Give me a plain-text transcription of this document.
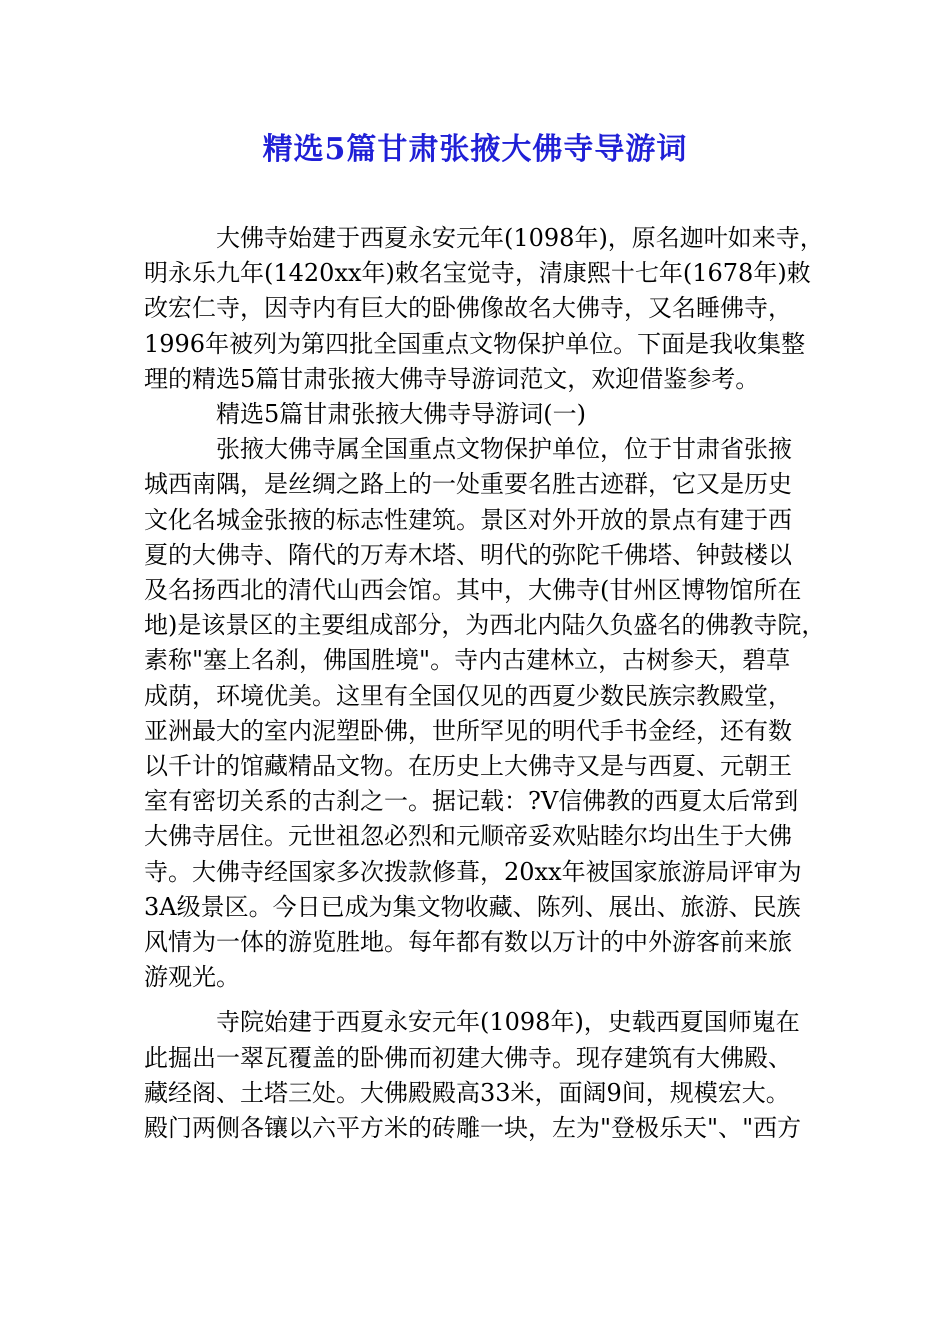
精选5篇甘肃张掖大佛寺导游词

大佛寺始建于西夏永安元年(1098年)，原名迦叶如来寺，
明永乐九年(1420xx年)敕名宝觉寺，清康熙十七年(1678年)敕
改宏仁寺，因寺内有巨大的卧佛像故名大佛寺，又名睡佛寺，
1996年被列为第四批全国重点文物保护单位。下面是我收集整
理的精选5篇甘肃张掖大佛寺导游词范文，欢迎借鉴参考。

精选5篇甘肃张掖大佛寺导游词(一)

张掖大佛寺属全国重点文物保护单位，位于甘肃省张掖
城西南隅，是丝绸之路上的一处重要名胜古迹群，它又是历史
文化名城金张掖的标志性建筑。景区对外开放的景点有建于西
夏的大佛寺、隋代的万寿木塔、明代的弥陀千佛塔、钟鼓楼以
及名扬西北的清代山西会馆。其中，大佛寺(甘州区博物馆所在
地)是该景区的主要组成部分，为西北内陆久负盛名的佛教寺院，
素称"塞上名刹，佛国胜境"。寺内古建林立，古树参天，碧草
成荫，环境优美。这里有全国仅见的西夏少数民族宗教殿堂，
亚洲最大的室内泥塑卧佛，世所罕见的明代手书金经，还有数
以千计的馆藏精品文物。在历史上大佛寺又是与西夏、元朝王
室有密切关系的古刹之一。据记载：?V信佛教的西夏太后常到
大佛寺居住。元世祖忽必烈和元顺帝妥欢贴睦尔均出生于大佛
寺。大佛寺经国家多次拨款修葺，20xx年被国家旅游局评审为
3A级景区。今日已成为集文物收藏、陈列、展出、旅游、民族
风情为一体的游览胜地。每年都有数以万计的中外游客前来旅
游观光。

寺院始建于西夏永安元年(1098年)，史载西夏国师嵬在
此掘出一翠瓦覆盖的卧佛而初建大佛寺。现存建筑有大佛殿、
藏经阁、土塔三处。大佛殿殿高33米，面阔9间，规模宏大。
殿门两侧各镶以六平方米的砖雕一块，左为"登极乐天"、"西方
